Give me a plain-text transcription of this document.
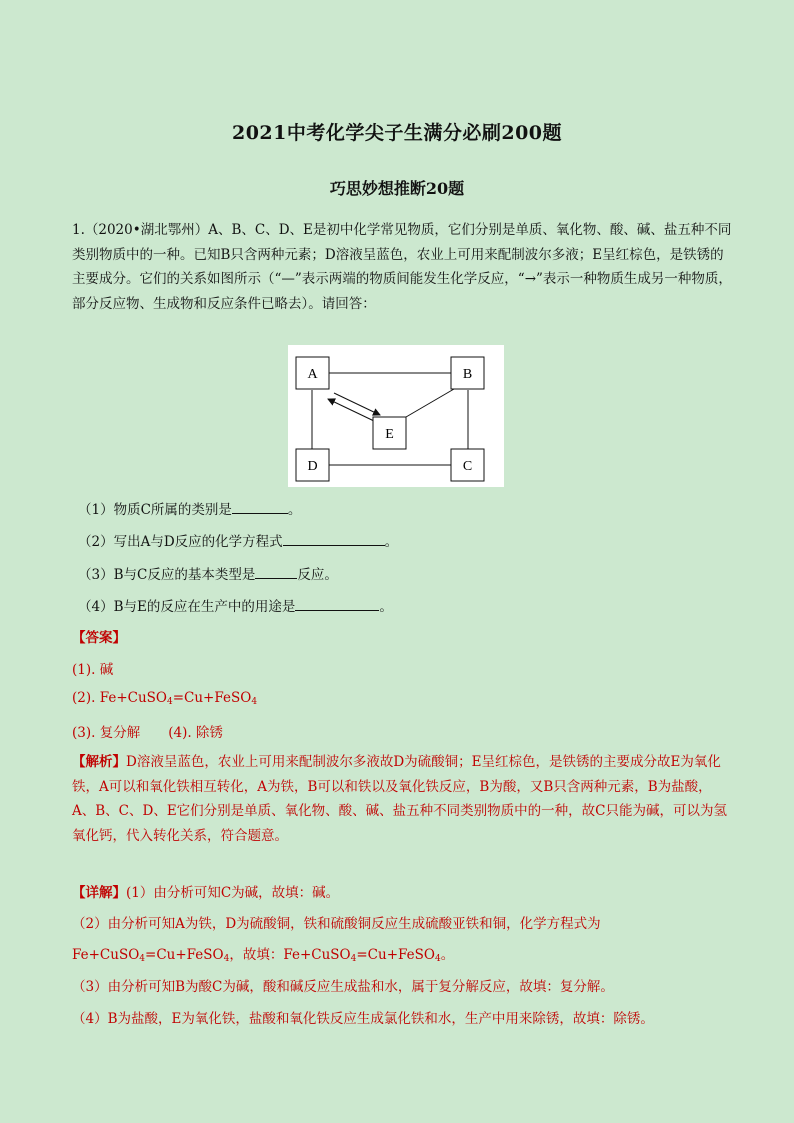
2021中考化学尖子生满分必刷200题
巧思妙想推断20题
1.（2020•湖北鄂州）A、B、C、D、E是初中化学常见物质，它们分别是单质、氧化物、酸、碱、盐五种不同类别物质中的一种。已知B只含两种元素；D溶液呈蓝色，农业上可用来配制波尔多液；E呈红棕色，是铁锈的主要成分。它们的关系如图所示（“—”表示两端的物质间能发生化学反应，“→”表示一种物质生成另一种物质，部分反应物、生成物和反应条件已略去）。请回答：
A	B
D	C
E
（1）物质C所属的类别是	。
（2）写出A与D反应的化学方程式	。
（3）B与C反应的基本类型是	反应。
（4）B与E的反应在生产中的用途是	。
【答案】
(1). 碱
(2). Fe+CuSO$_4$=Cu+FeSO$_4$
(3). 复分解 (4). 除锈
【解析】D溶液呈蓝色，农业上可用来配制波尔多液故D为硫酸铜；E呈红棕色，是铁锈的主要成分故E为氧化铁，A可以和氧化铁相互转化，A为铁，B可以和铁以及氧化铁反应，B为酸，又B只含两种元素，B为盐酸，A、B、C、D、E它们分别是单质、氧化物、酸、碱、盐五种不同类别物质中的一种，故C只能为碱，可以为氢氧化钙，代入转化关系，符合题意。
【详解】(1）由分析可知C为碱，故填：碱。
（2）由分析可知A为铁，D为硫酸铜，铁和硫酸铜反应生成硫酸亚铁和铜，化学方程式为
Fe+CuSO$_4$=Cu+FeSO$_4$，故填：Fe+CuSO$_4$=Cu+FeSO$_4$。
（3）由分析可知B为酸C为碱，酸和碱反应生成盐和水，属于复分解反应，故填：复分解。
（4）B为盐酸，E为氧化铁，盐酸和氧化铁反应生成氯化铁和水，生产中用来除锈，故填：除锈。
